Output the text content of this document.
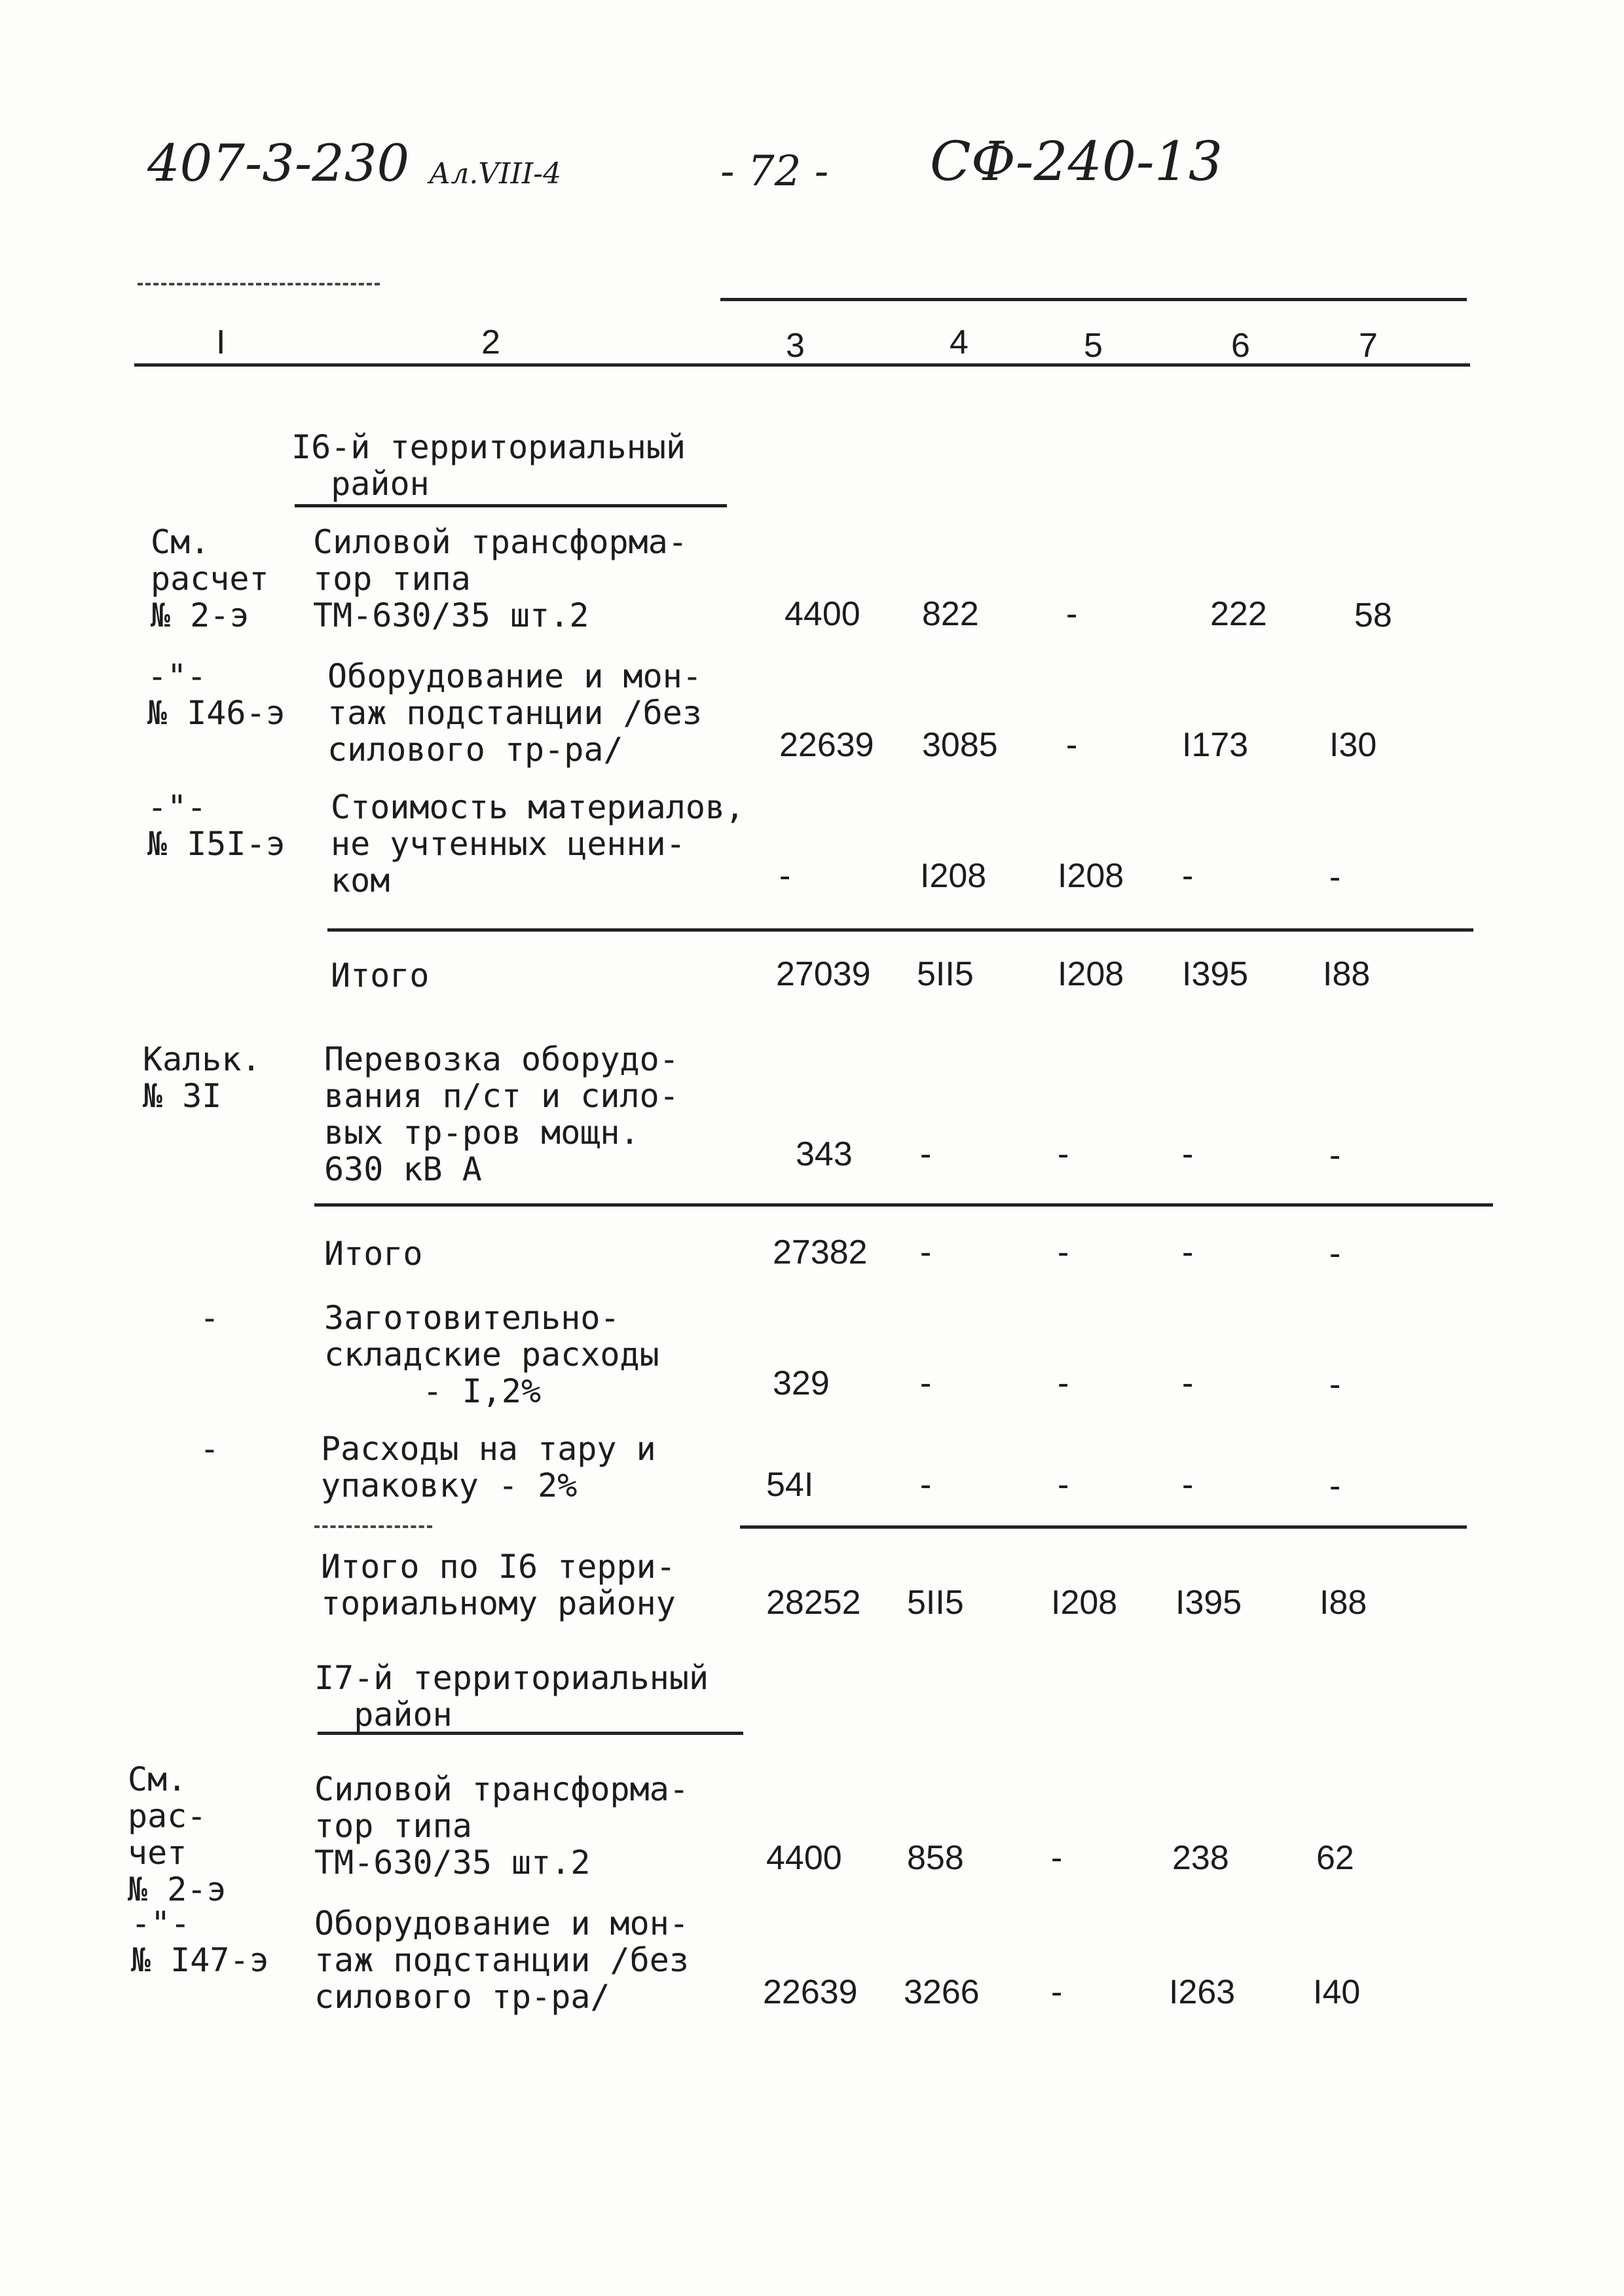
407-3-230 Ал.VIII-4	- 72 - СФ-240-13
I	2	3	4	5	6	7
I6-й территориальный
район
См.
расчет
№ 2-э
Силовой трансформа-
тор типа
ТМ-630/35 шт.2	4400 822	-	222	58
-"-
№ I46-э
Оборудование и мон-
таж подстанции /без
силового тр-ра/	22639 3085 -	I173 I30
-"-
№ I5I-э
Стоимость материалов,
не учтенных ценни-
ком	-	I208 I208 -	-
Итого	27039 5II5 I208 I395 I88
Кальк.
№ 3I
Перевозка оборудо-
вания п/ст и сило-
вых тр-ров мощн.
630 кВ А	343 -	-	-	-
Итого	27382 -	-	-	-
-	Заготовительно-
складские расходы
- I,2%	329	-	-	-	-
-	Расходы на тару и
упаковку - 2%	54I	-	-	-	-
Итого по I6 терри-
ториальному району	28252 5II5	I208 I395 I88
I7-й территориальный
район
См.
рас-
чет
№ 2-э
Силовой трансформа-
тор типа
ТМ-630/35 шт.2	4400 858	-	238	62
-"-
№ I47-э
Оборудование и мон-
таж подстанции /без
силового тр-ра/	22639 3266 -	I263 I40
